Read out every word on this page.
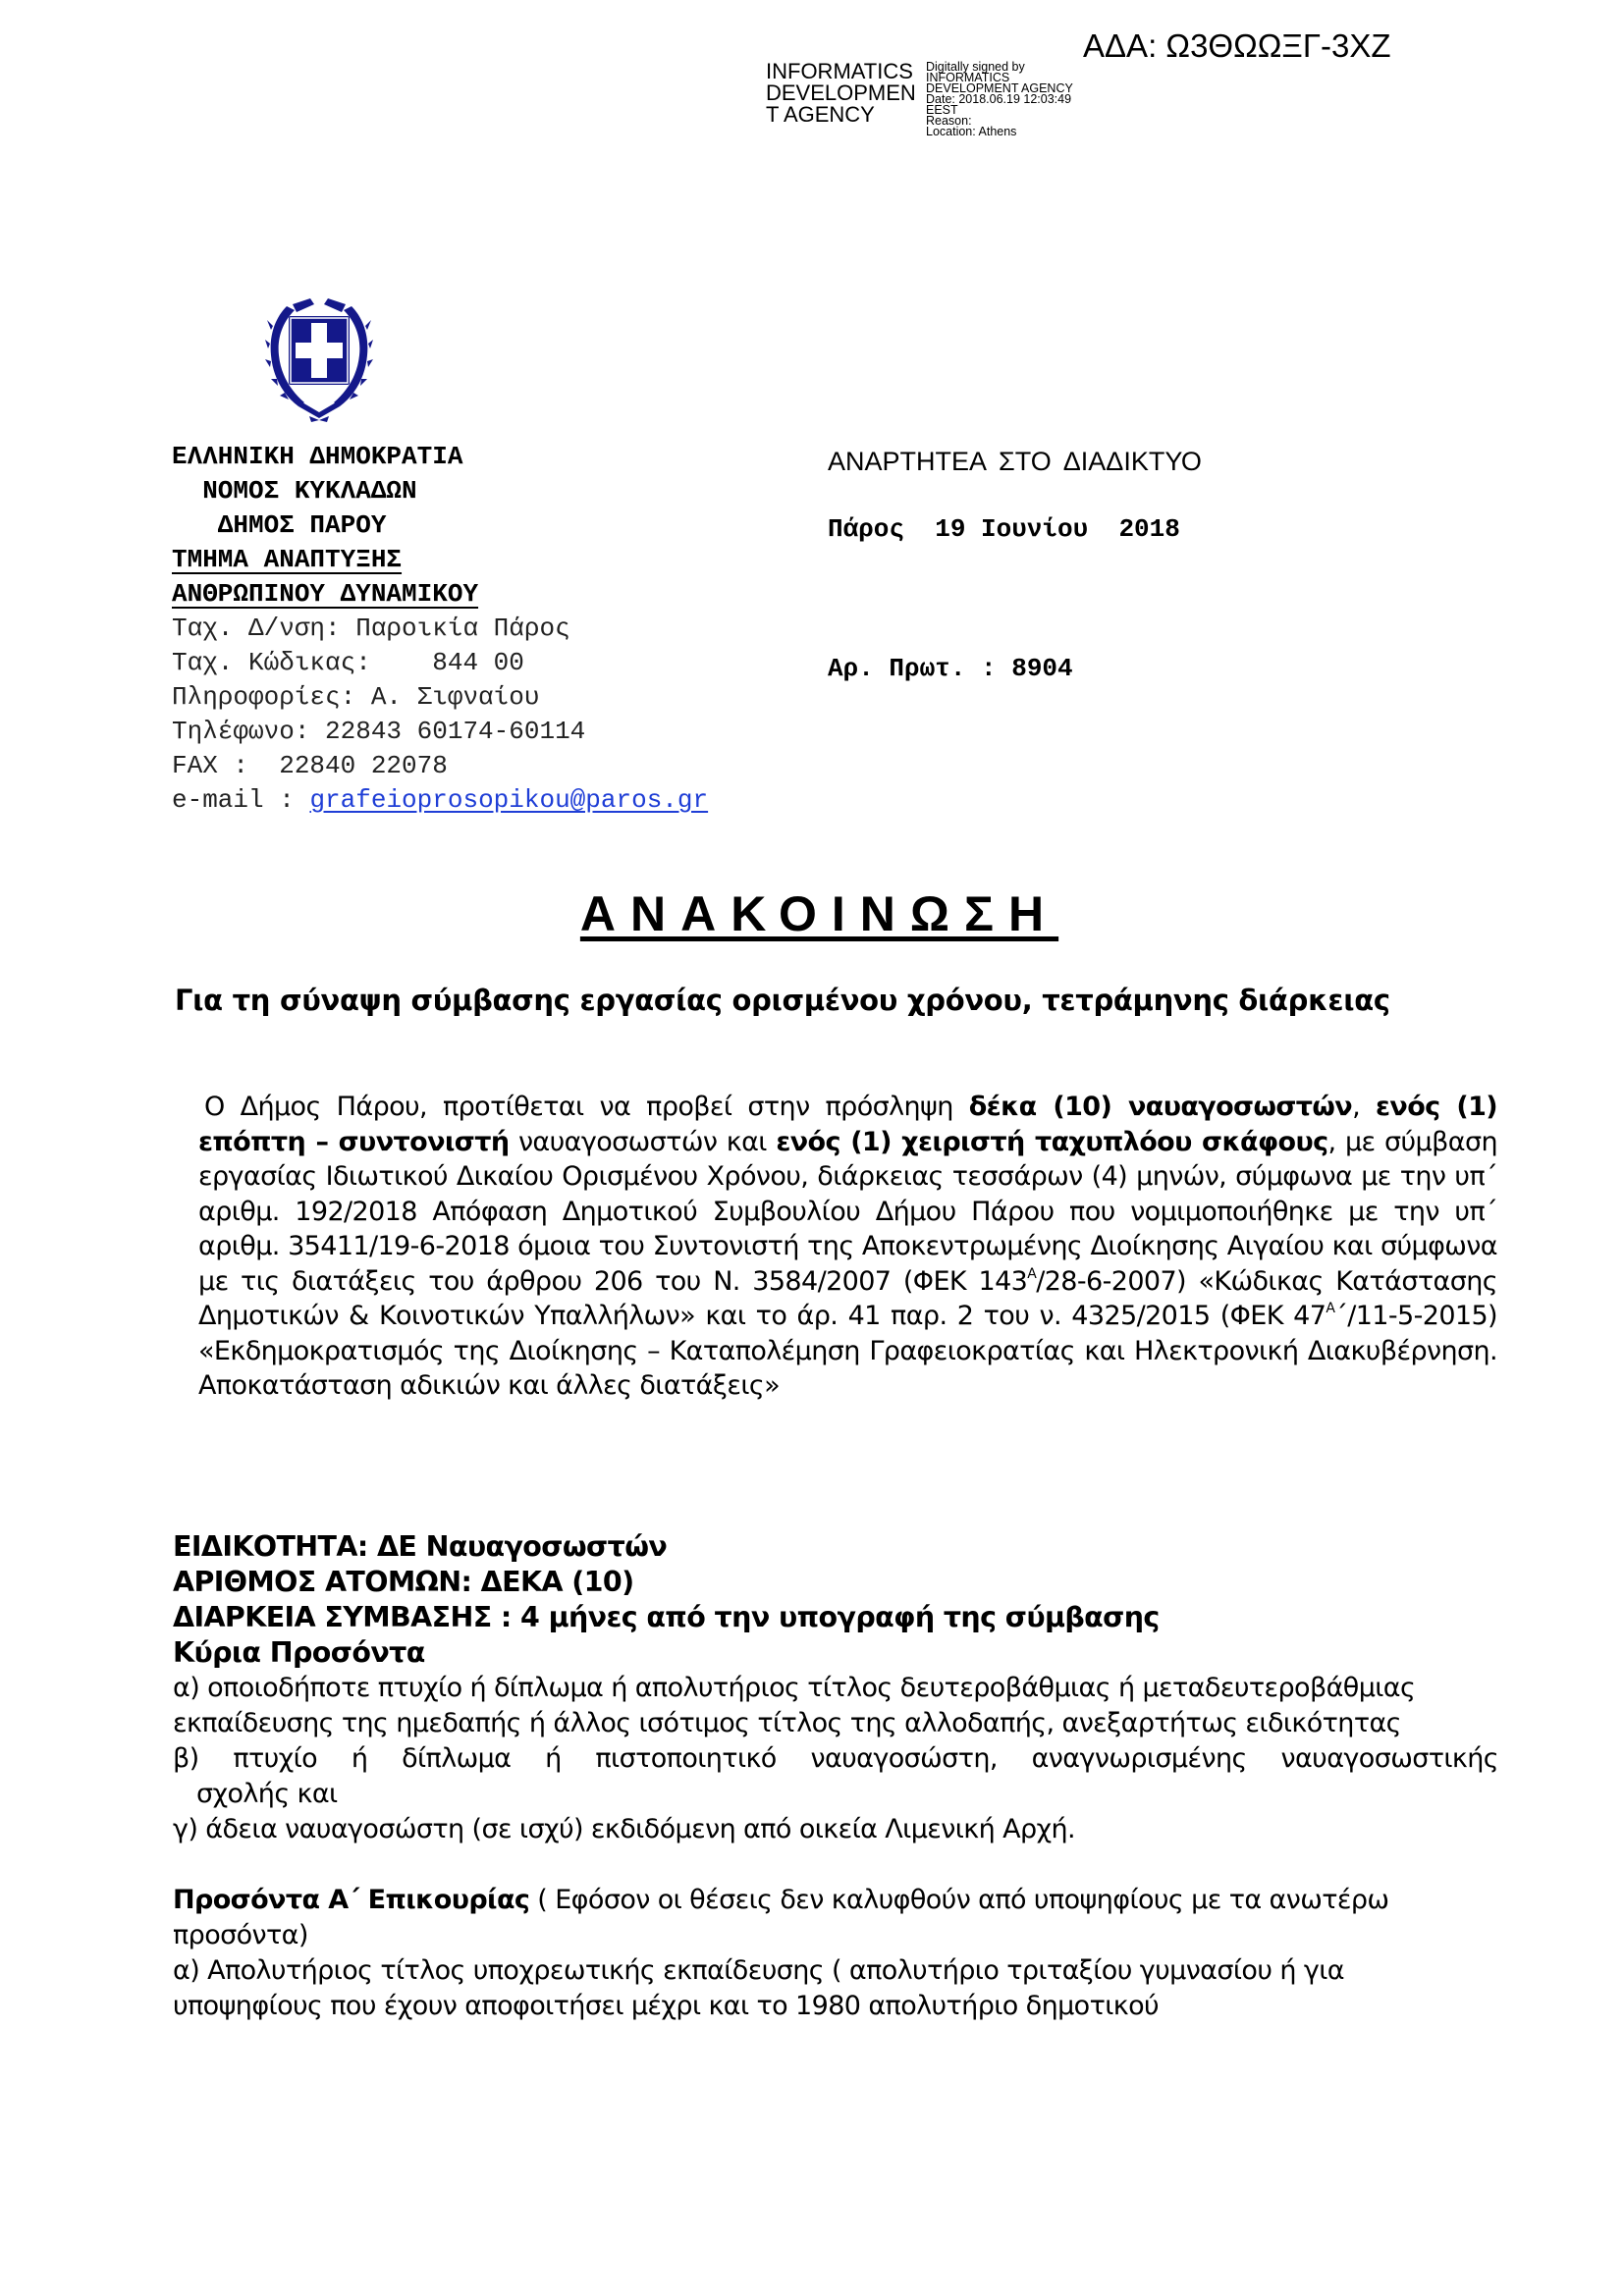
ΑΔΑ: Ω3ΘΩΩΞΓ-3ΧΖ
INFORMATICS
DEVELOPMEN
T AGENCY
Digitally signed by
INFORMATICS
DEVELOPMENT AGENCY
Date: 2018.06.19 12:03:49
EEST
Reason:
Location: Athens
ΕΛΛΗΝΙΚΗ ΔΗΜΟΚΡΑΤΙΑ
ΝΟΜΟΣ ΚΥΚΛΑΔΩΝ
ΔΗΜΟΣ ΠΑΡΟΥ
ΤΜΗΜΑ ΑΝΑΠΤΥΞΗΣ
ΑΝΘΡΩΠΙΝΟΥ ΔΥΝΑΜΙΚΟΥ
Ταχ. Δ/νση: Παροικία Πάρος
Ταχ. Κώδικας:    844 00
Πληροφορίες: Α. Σιφναίου
Τηλέφωνο: 22843 60174-60114
FAX :  22840 22078
e-mail : grafeioprosopikou@paros.gr

ΑΝΑΡΤΗΤΕΑ ΣΤΟ ΔΙΑΔΙΚΤΥΟ

Πάρος  19 Ιουνίου  2018

Αρ. Πρωτ. : 8904

ΑΝΑΚΟΙΝΩΣΗ
Για τη σύναψη σύμβασης εργασίας ορισμένου χρόνου, τετράμηνης διάρκειας
Ο Δήμος Πάρου, προτίθεται να προβεί στην πρόσληψη δέκα (10) ναυαγοσωστών, ενός (1) επόπτη – συντονιστή ναυαγοσωστών και ενός (1) χειριστή ταχυπλόου σκάφους, με σύμβαση εργασίας Ιδιωτικού Δικαίου Ορισμένου Χρόνου, διάρκειας τεσσάρων (4) μηνών, σύμφωνα με την υπ΄ αριθμ. 192/2018 Απόφαση Δημοτικού Συμβουλίου Δήμου Πάρου που νομιμοποιήθηκε με την υπ΄ αριθμ. 35411/19-6-2018 όμοια του Συντονιστή της Αποκεντρωμένης Διοίκησης Αιγαίου και σύμφωνα με τις διατάξεις του άρθρου 206 του Ν. 3584/2007 (ΦΕΚ $143^A/28-6-2007$) «Κώδικας Κατάστασης Δημοτικών & Κοινοτικών Υπαλλήλων» και το άρ. 41 παρ. 2 του ν. 4325/2015 (ΦΕΚ $47^A΄/11-5-2015$) «Εκδημοκρατισμός της Διοίκησης – Καταπολέμηση Γραφειοκρατίας και Ηλεκτρονική Διακυβέρνηση. Αποκατάσταση αδικιών και άλλες διατάξεις»
ΕΙΔΙΚΟΤΗΤΑ: ΔΕ Ναυαγοσωστών
ΑΡΙΘΜΟΣ ΑΤΟΜΩΝ: ΔΕΚΑ (10)
ΔΙΑΡΚΕΙΑ ΣΥΜΒΑΣΗΣ : 4 μήνες από την υπογραφή της σύμβασης
Κύρια Προσόντα
α) οποιοδήποτε πτυχίο ή δίπλωμα ή απολυτήριος τίτλος δευτεροβάθμιας ή μεταδευτεροβάθμιας εκπαίδευσης της ημεδαπής ή άλλος ισότιμος τίτλος της αλλοδαπής, ανεξαρτήτως ειδικότητας
β) πτυχίο ή δίπλωμα ή πιστοποιητικό ναυαγοσώστη, αναγνωρισμένης ναυαγοσωστικής
σχολής και
γ) άδεια ναυαγοσώστη (σε ισχύ) εκδιδόμενη από οικεία Λιμενική Αρχή.
Προσόντα Α΄ Επικουρίας ( Εφόσον οι θέσεις δεν καλυφθούν από υποψηφίους με τα ανωτέρω προσόντα)
α) Απολυτήριος τίτλος υποχρεωτικής εκπαίδευσης ( απολυτήριο τριταξίου γυμνασίου ή για υποψηφίους που έχουν αποφοιτήσει μέχρι και το 1980 απολυτήριο δημοτικού
